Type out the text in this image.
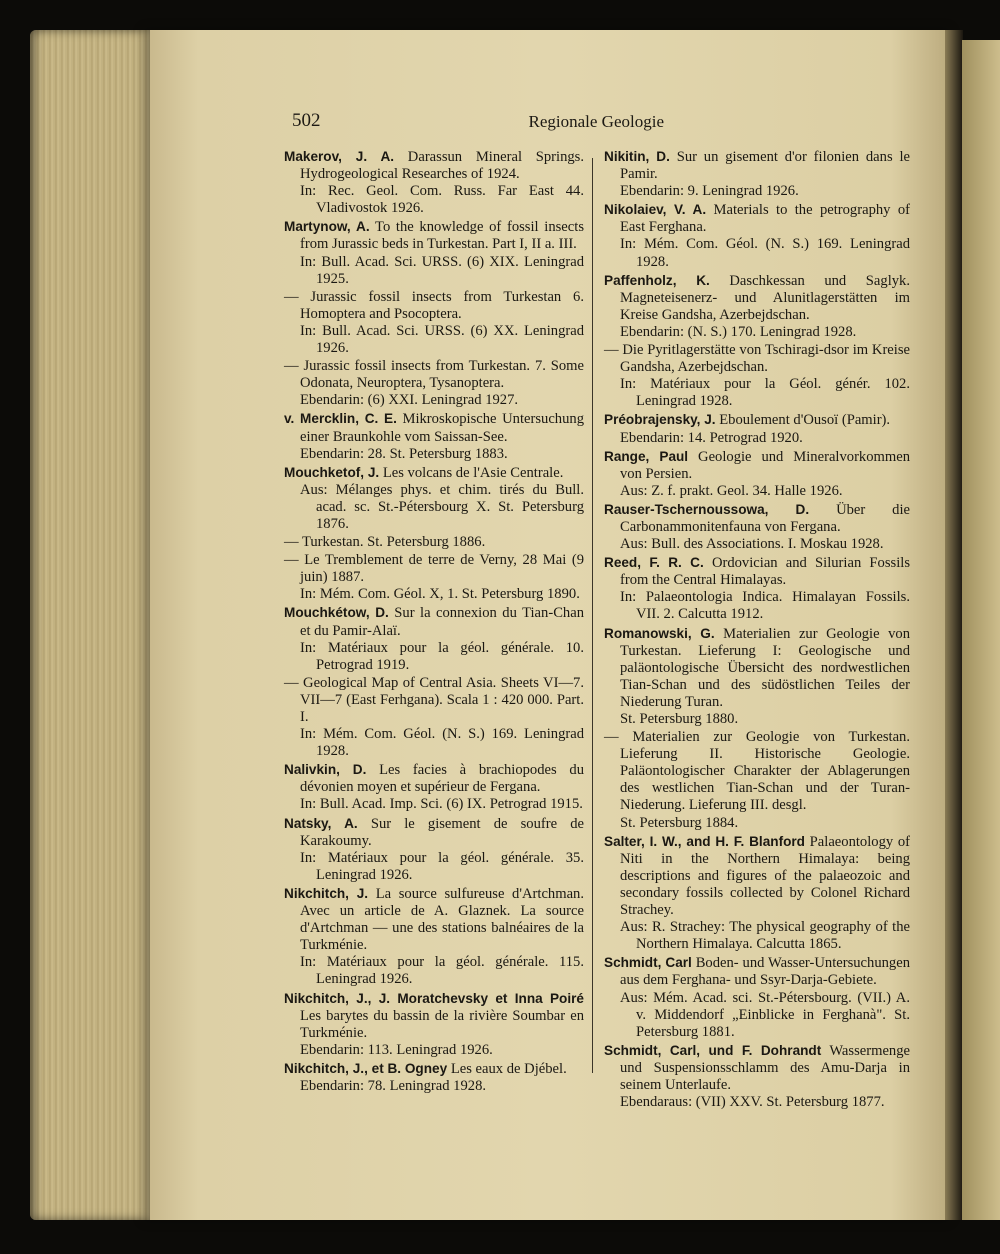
502	Regionale Geologie
Makerov, J. A. Darassun Mineral Springs. Hydrogeological Researches of 1924.
In: Rec. Geol. Com. Russ. Far East 44. Vladivostok 1926.
Martynow, A. To the knowledge of fossil insects from Jurassic beds in Turkestan. Part I, II a. III.
In: Bull. Acad. Sci. URSS. (6) XIX. Leningrad 1925.
— Jurassic fossil insects from Turkestan 6. Homoptera and Psocoptera.
In: Bull. Acad. Sci. URSS. (6) XX. Leningrad 1926.
— Jurassic fossil insects from Turkestan. 7. Some Odonata, Neuroptera, Tysanoptera.
Ebendarin: (6) XXI. Leningrad 1927.
v. Mercklin, C. E. Mikroskopische Untersuchung einer Braunkohle vom Saissan-See.
Ebendarin: 28. St. Petersburg 1883.
Mouchketof, J. Les volcans de l'Asie Centrale.
Aus: Mélanges phys. et chim. tirés du Bull. acad. sc. St.-Pétersbourg X. St. Petersburg 1876.
— Turkestan. St. Petersburg 1886.
— Le Tremblement de terre de Verny, 28 Mai (9 juin) 1887.
In: Mém. Com. Géol. X, 1. St. Petersburg 1890.
Mouchkétow, D. Sur la connexion du Tian-Chan et du Pamir-Alaï.
In: Matériaux pour la géol. générale. 10. Petrograd 1919.
— Geological Map of Central Asia. Sheets VI—7. VII—7 (East Ferhgana). Scala 1 : 420 000. Part. I.
In: Mém. Com. Géol. (N. S.) 169. Leningrad 1928.
Nalivkin, D. Les facies à brachiopodes du dévonien moyen et supérieur de Fergana.
In: Bull. Acad. Imp. Sci. (6) IX. Petrograd 1915.
Natsky, A. Sur le gisement de soufre de Karakoumy.
In: Matériaux pour la géol. générale. 35. Leningrad 1926.
Nikchitch, J. La source sulfureuse d'Artchman. Avec un article de A. Glaznek. La source d'Artchman — une des stations balnéaires de la Turkménie.
In: Matériaux pour la géol. générale. 115. Leningrad 1926.
Nikchitch, J., J. Moratchevsky et Inna Poiré Les barytes du bassin de la rivière Soumbar en Turkménie.
Ebendarin: 113. Leningrad 1926.
Nikchitch, J., et B. Ogney Les eaux de Djébel.
Ebendarin: 78. Leningrad 1928.
Nikitin, D. Sur un gisement d'or filonien dans le Pamir.
Ebendarin: 9. Leningrad 1926.
Nikolaiev, V. A. Materials to the petrography of East Ferghana.
In: Mém. Com. Géol. (N. S.) 169. Leningrad 1928.
Paffenholz, K. Daschkessan und Saglyk. Magneteisenerz- und Alunitlagerstätten im Kreise Gandsha, Azerbejdschan.
Ebendarin: (N. S.) 170. Leningrad 1928.
— Die Pyritlagerstätte von Tschiragi-dsor im Kreise Gandsha, Azerbejdschan.
In: Matériaux pour la Géol. génér. 102. Leningrad 1928.
Préobrajensky, J. Eboulement d'Ousoï (Pamir).
Ebendarin: 14. Petrograd 1920.
Range, Paul Geologie und Mineralvorkommen von Persien.
Aus: Z. f. prakt. Geol. 34. Halle 1926.
Rauser-Tschernoussowa, D. Über die Carbonammonitenfauna von Fergana.
Aus: Bull. des Associations. I. Moskau 1928.
Reed, F. R. C. Ordovician and Silurian Fossils from the Central Himalayas.
In: Palaeontologia Indica. Himalayan Fossils. VII. 2. Calcutta 1912.
Romanowski, G. Materialien zur Geologie von Turkestan. Lieferung I: Geologische und paläontologische Übersicht des nordwestlichen Tian-Schan und des südöstlichen Teiles der Niederung Turan.
St. Petersburg 1880.
— Materialien zur Geologie von Turkestan. Lieferung II. Historische Geologie. Paläontologischer Charakter der Ablagerungen des westlichen Tian-Schan und der Turan-Niederung. Lieferung III. desgl.
St. Petersburg 1884.
Salter, I. W., and H. F. Blanford Palaeontology of Niti in the Northern Himalaya: being descriptions and figures of the palaeozoic and secondary fossils collected by Colonel Richard Strachey.
Aus: R. Strachey: The physical geography of the Northern Himalaya. Calcutta 1865.
Schmidt, Carl Boden- und Wasser-Untersuchungen aus dem Ferghana- und Ssyr-Darja-Gebiete.
Aus: Mém. Acad. sci. St.-Pétersbourg. (VII.) A. v. Middendorf „Einblicke in Ferghanà". St. Petersburg 1881.
Schmidt, Carl, und F. Dohrandt Wassermenge und Suspensionsschlamm des Amu-Darja in seinem Unterlaufe.
Ebendaraus: (VII) XXV. St. Petersburg 1877.
